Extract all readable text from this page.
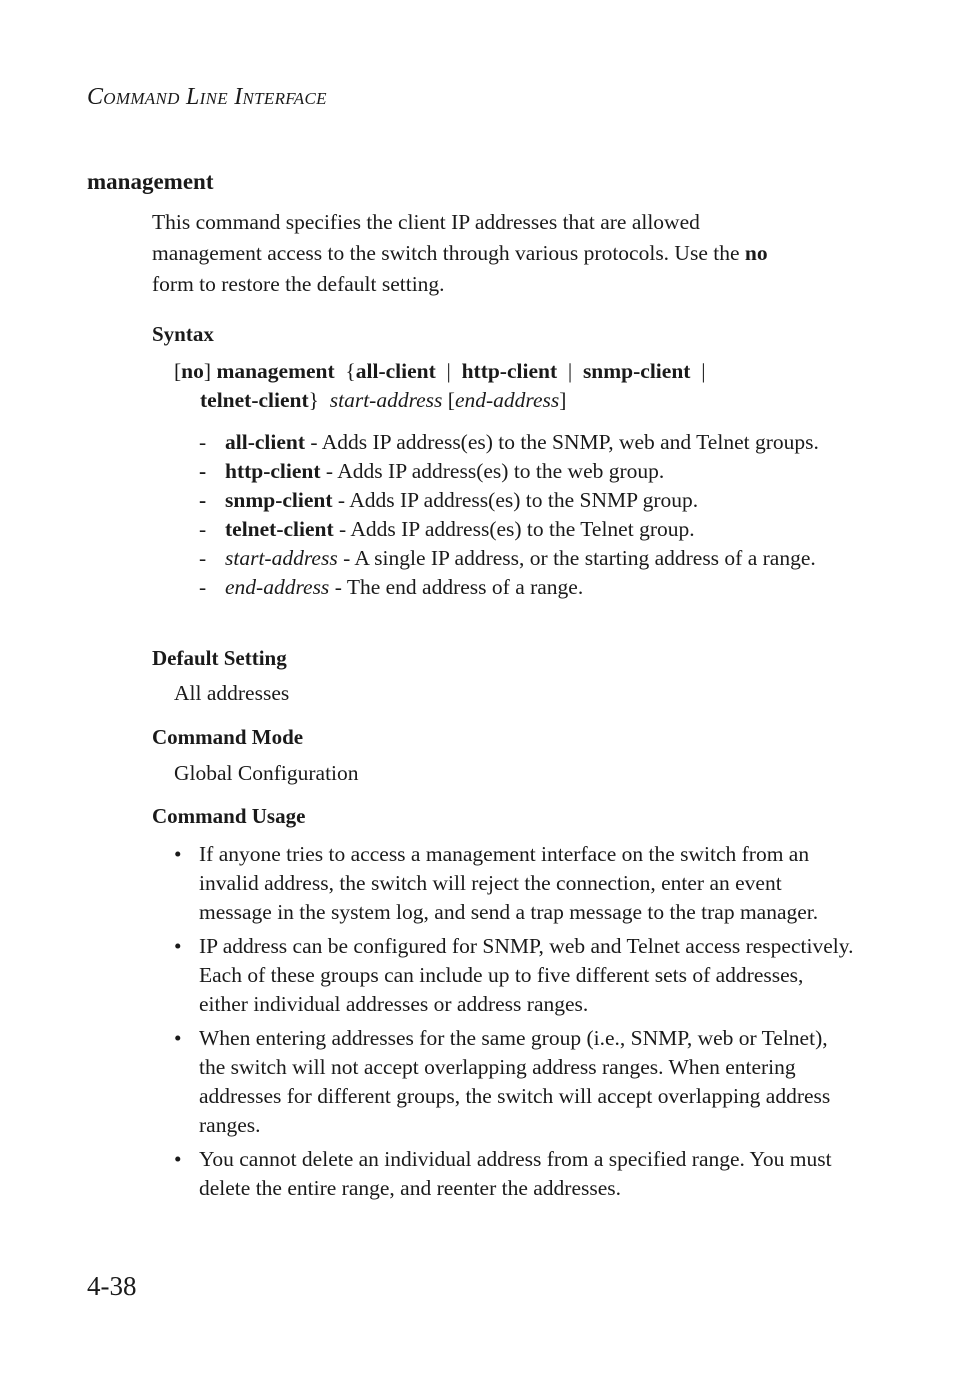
Command Line Interface
management
This command specifies the client IP addresses that are allowed
management access to the switch through various protocols. Use the no
form to restore the default setting.
Syntax
[no] management {all-client | http-client | snmp-client |
telnet-client} start-address [end-address]
- all-client - Adds IP address(es) to the SNMP, web and Telnet groups.
- http-client - Adds IP address(es) to the web group.
- snmp-client - Adds IP address(es) to the SNMP group.
- telnet-client - Adds IP address(es) to the Telnet group.
- start-address - A single IP address, or the starting address of a range.
- end-address - The end address of a range.
Default Setting
All addresses
Command Mode
Global Configuration
Command Usage
• If anyone tries to access a management interface on the switch from an invalid address, the switch will reject the connection, enter an event message in the system log, and send a trap message to the trap manager.
• IP address can be configured for SNMP, web and Telnet access respectively. Each of these groups can include up to five different sets of addresses, either individual addresses or address ranges.
• When entering addresses for the same group (i.e., SNMP, web or Telnet), the switch will not accept overlapping address ranges. When entering addresses for different groups, the switch will accept overlapping address ranges.
• You cannot delete an individual address from a specified range. You must delete the entire range, and reenter the addresses.
4-38
